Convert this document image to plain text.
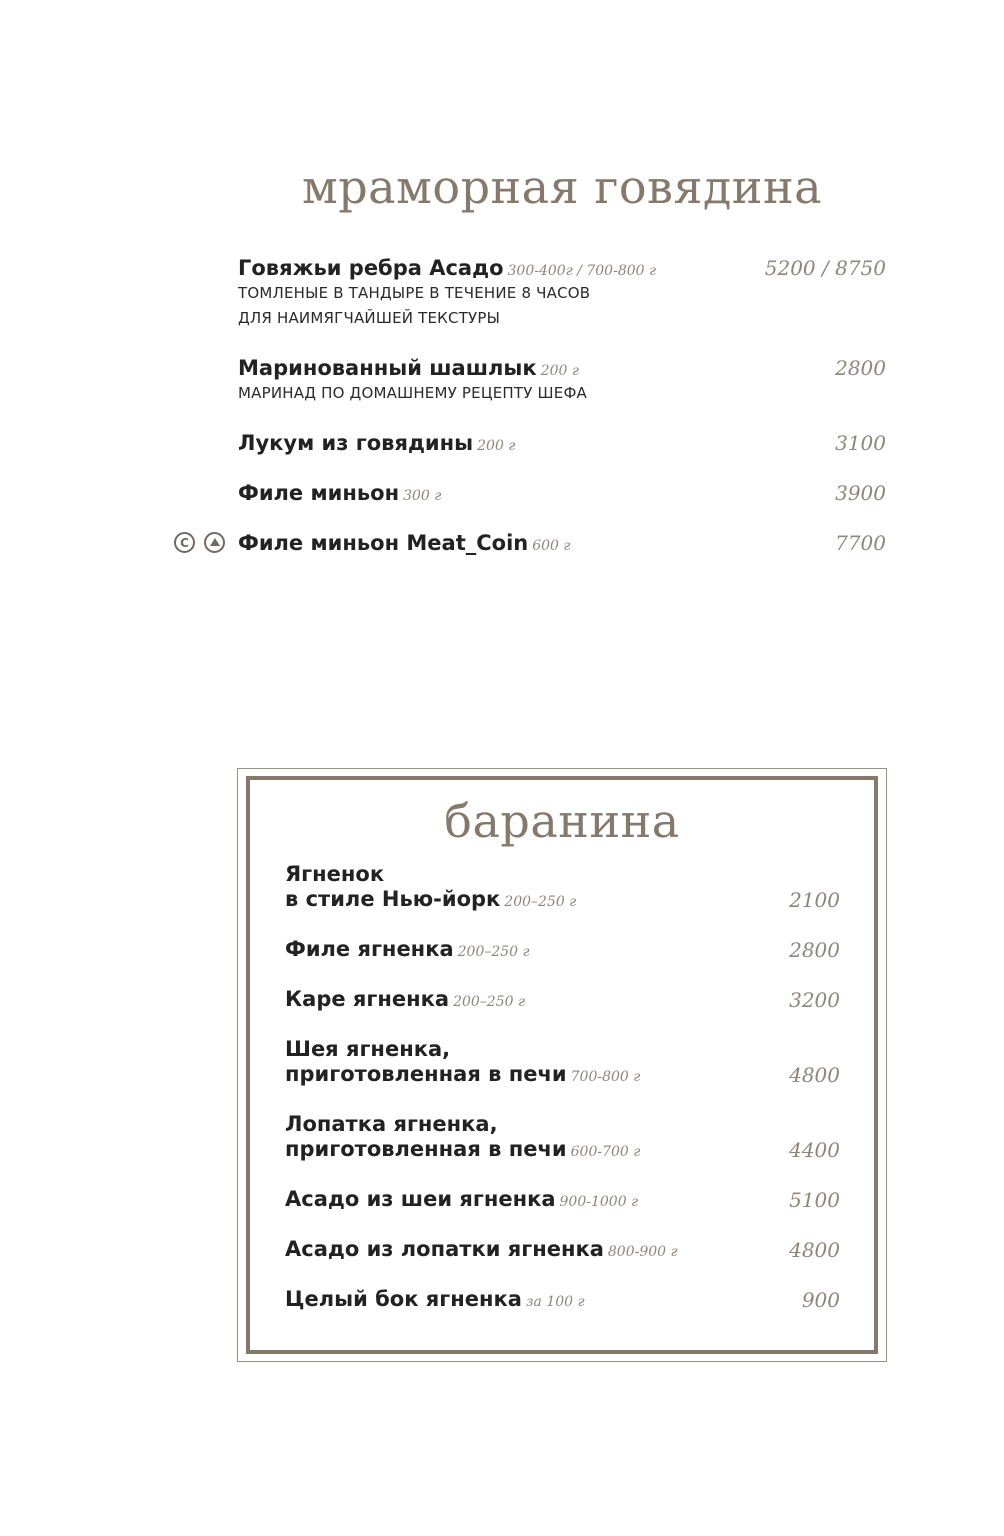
мраморная говядина
Говяжьи ребра Асадо 300-400г / 700-800 г	5200 / 8750
ТОМЛЕНЫЕ В ТАНДЫРЕ В ТЕЧЕНИЕ 8 ЧАСОВ
ДЛЯ НАИМЯГЧАЙШЕЙ ТЕКСТУРЫ
Маринованный шашлык 200 г	2800
МАРИНАД ПО ДОМАШНЕМУ РЕЦЕПТУ ШЕФА
Лукум из говядины 200 г	3100
Филе миньон 300 г	3900
C Филе миньон Meat_Coin 600 г	7700
баранина
Ягненок
в стиле Нью-йорк 200–250 г	2100
Филе ягненка 200–250 г	2800
Каре ягненка 200–250 г	3200
Шея ягненка,
приготовленная в печи 700-800 г	4800
Лопатка ягненка,
приготовленная в печи 600-700 г	4400
Асадо из шеи ягненка 900-1000 г	5100
Асадо из лопатки ягненка 800-900 г	4800
Целый бок ягненка за 100 г	900
